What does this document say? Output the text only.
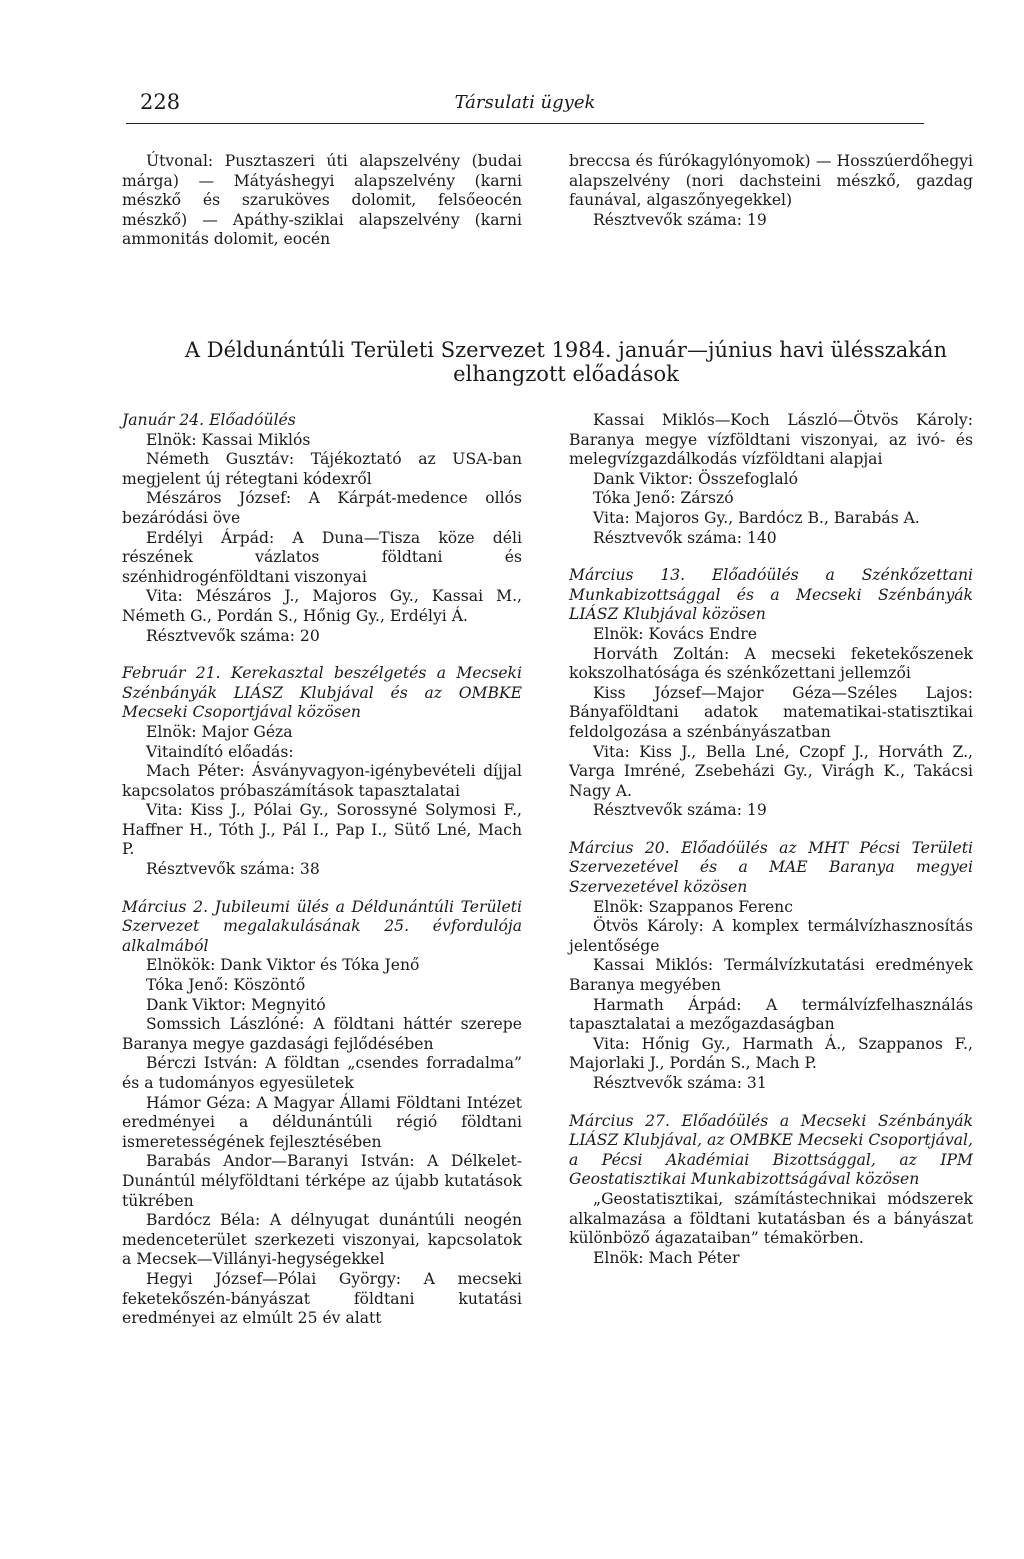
228	Társulati ügyek
Útvonal: Pusztaszeri úti alapszelvény (budai márga) — Mátyáshegyi alapszelvény (karni mészkő és szaruköves dolomit, felsőeocén mészkő) — Apáthy-sziklai alapszelvény (karni ammonitás dolomit, eocén
breccsa és fúrókagylónyomok) — Hosszúerdőhegyi alapszelvény (nori dachsteini mészkő, gazdag faunával, algaszőnyegekkel)
Résztvevők száma: 19
A Déldunántúli Területi Szervezet 1984. január—június havi ülésszakán
elhangzott előadások
Január 24. Előadóülés
Elnök: Kassai Miklós
Németh Gusztáv: Tájékoztató az USA-ban megjelent új rétegtani kódexről
Mészáros József: A Kárpát-medence ollós bezáródási öve
Erdélyi Árpád: A Duna—Tisza köze déli részének vázlatos földtani és szénhidrogénföldtani viszonyai
Vita: Mészáros J., Majoros Gy., Kassai M., Németh G., Pordán S., Hőnig Gy., Erdélyi Á.
Résztvevők száma: 20
Február 21. Kerekasztal beszélgetés a Mecseki Szénbányák LIÁSZ Klubjával és az OMBKE Mecseki Csoportjával közösen
Elnök: Major Géza
Vitaindító előadás:
Mach Péter: Ásványvagyon-igénybevételi díjjal kapcsolatos próbaszámítások tapasztalatai
Vita: Kiss J., Pólai Gy., Sorossyné Solymosi F., Haffner H., Tóth J., Pál I., Pap I., Sütő Lné, Mach P.
Résztvevők száma: 38
Március 2. Jubileumi ülés a Déldunántúli Területi Szervezet megalakulásának 25. évfordulója alkalmából
Elnökök: Dank Viktor és Tóka Jenő
Tóka Jenő: Köszöntő
Dank Viktor: Megnyitó
Somssich Lászlóné: A földtani háttér szerepe Baranya megye gazdasági fejlődésében
Bérczi István: A földtan „csendes forradalma” és a tudományos egyesületek
Hámor Géza: A Magyar Állami Földtani Intézet eredményei a déldunántúli régió földtani ismeretességének fejlesztésében
Barabás Andor—Baranyi István: A Délkelet-Dunántúl mélyföldtani térképe az újabb kutatások tükrében
Bardócz Béla: A délnyugat dunántúli neogén medenceterület szerkezeti viszonyai, kapcsolatok a Mecsek—Villányi-hegységekkel
Hegyi József—Pólai György: A mecseki feketekőszén-bányászat földtani kutatási eredményei az elmúlt 25 év alatt
Kassai Miklós—Koch László—Ötvös Károly: Baranya megye vízföldtani viszonyai, az ivó- és melegvízgazdálkodás vízföldtani alapjai
Dank Viktor: Összefoglaló
Tóka Jenő: Zárszó
Vita: Majoros Gy., Bardócz B., Barabás A.
Résztvevők száma: 140
Március 13. Előadóülés a Szénkőzettani Munkabizottsággal és a Mecseki Szénbányák LIÁSZ Klubjával közösen
Elnök: Kovács Endre
Horváth Zoltán: A mecseki feketekőszenek kokszolhatósága és szénkőzettani jellemzői
Kiss József—Major Géza—Széles Lajos: Bányaföldtani adatok matematikai-statisztikai feldolgozása a szénbányászatban
Vita: Kiss J., Bella Lné, Czopf J., Horváth Z., Varga Imréné, Zsebeházi Gy., Virágh K., Takácsi Nagy A.
Résztvevők száma: 19
Március 20. Előadóülés az MHT Pécsi Területi Szervezetével és a MAE Baranya megyei Szervezetével közösen
Elnök: Szappanos Ferenc
Ötvös Károly: A komplex termálvízhasznosítás jelentősége
Kassai Miklós: Termálvízkutatási eredmények Baranya megyében
Harmath Árpád: A termálvízfelhasználás tapasztalatai a mezőgazdaságban
Vita: Hőnig Gy., Harmath Á., Szappanos F., Majorlaki J., Pordán S., Mach P.
Résztvevők száma: 31
Március 27. Előadóülés a Mecseki Szénbányák LIÁSZ Klubjával, az OMBKE Mecseki Csoportjával, a Pécsi Akadémiai Bizottsággal, az IPM Geostatisztikai Munkabizottságával közösen
„Geostatisztikai, számítástechnikai módszerek alkalmazása a földtani kutatásban és a bányászat különböző ágazataiban” témakörben.
Elnök: Mach Péter
